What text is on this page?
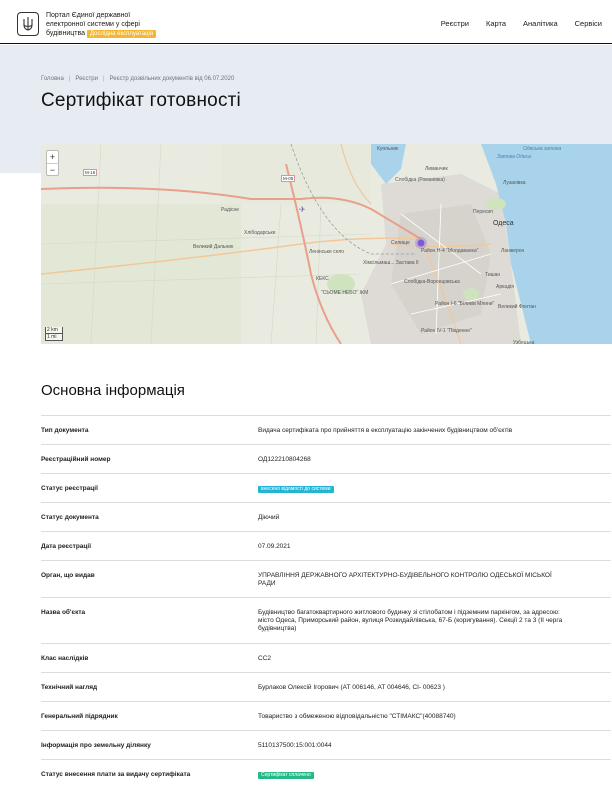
Портал Єдиної державної
електронної системи у сфері
будівництва Дослідна експлуатація
Реєстри Карта Аналітика Сервіси
Головна | Реєстри | Реєстр дозвільних документів від 06.07.2020
Сертифікат готовності
✈
+
−
Куяльник
Лиманчик
Слобідка (Романівка)
Одеса
Пересип
Лузанівка
Ланжерон
Радісне
Хлібодарське
Великий Дальник
Ленінське село
КЕКС
"СЬОМЕ НЕБО" ЖМ
Селище
Район Н-4 "Молдаванка"
Хімсільмаш... Застава ІІ
Слобідка-Воронцовська
Район І-6 "Біликів Млини" Великий Фонтан
Район IV-1 "Південне"
Тишан
Аркадія
Одеська затока
Затока Одеса
Узбецька
M-16
M-05
2 km
1 mi
Основна інформація
Тип документа	Видача сертифіката про прийняття в експлуатацію закінчених будівництвом об'єктів
Реєстраційний номер	ОД122210804268
Статус реєстрації	внесено відомості до системи
Статус документа	Діючий
Дата реєстрації	07.09.2021
Орган, що видав	УПРАВЛІННЯ ДЕРЖАВНОГО АРХІТЕКТУРНО-БУДІВЕЛЬНОГО КОНТРОЛЮ ОДЕСЬКОЇ МІСЬКОЇ РАДИ
Назва об'єкта	Будівництво багатоквартирного житлового будинку зі стілобатом і підземним паркінгом, за адресою: місто Одеса, Приморський район, вулиця Розкидайлівська, 67-Б (коригування). Секції 2 та 3 (ІІ черга будівництва)
Клас наслідків	СС2
Технічний нагляд	Бурлаков Олексій Ігорович (АТ 006146, АТ 004646, СІ- 00623 )
Генеральний підрядник	Товариство з обмеженою відповідальністю "СТІМАКС"(40088740)
Інформація про земельну ділянку	5110137500:15:001:0044
Статус внесення плати за видачу сертифіката	Сертифікат сплачено
